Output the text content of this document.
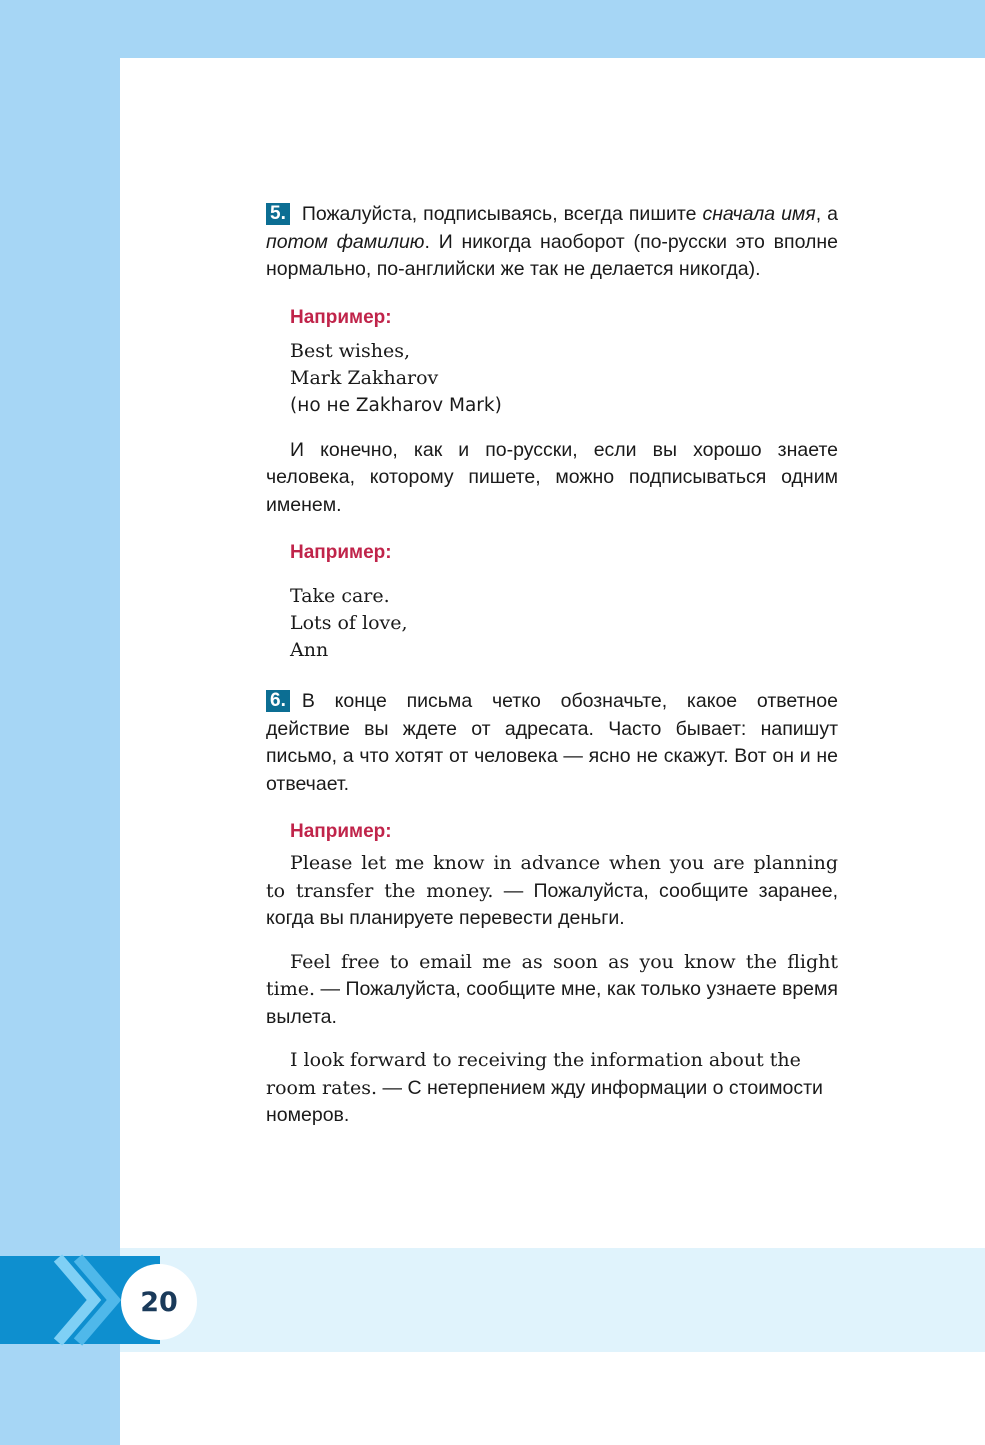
20

5. Пожалуйста, подписываясь, всегда пишите сначала имя, а потом фамилию. И никогда наоборот (по-русски это вполне нормально, по-английски же так не делается никогда).

Например:
Best wishes,
Mark Zakharov
(но не Zakharov Mark)

И конечно, как и по-русски, если вы хорошо знаете человека, которому пишете, можно подписываться одним именем.

Например:
Take care.
Lots of love,
Ann

6. В конце письма четко обозначьте, какое ответное действие вы ждете от адресата. Часто бывает: напишут письмо, а что хотят от человека — ясно не скажут. Вот он и не отвечает.

Например:

Please let me know in advance when you are planning to transfer the money. — Пожалуйста, сообщите заранее, когда вы планируете перевести деньги.

Feel free to email me as soon as you know the flight time. — Пожалуйста, сообщите мне, как только узнаете время вылета.

I look forward to receiving the information about the room rates. — С нетерпением жду информации о стоимости номеров.
